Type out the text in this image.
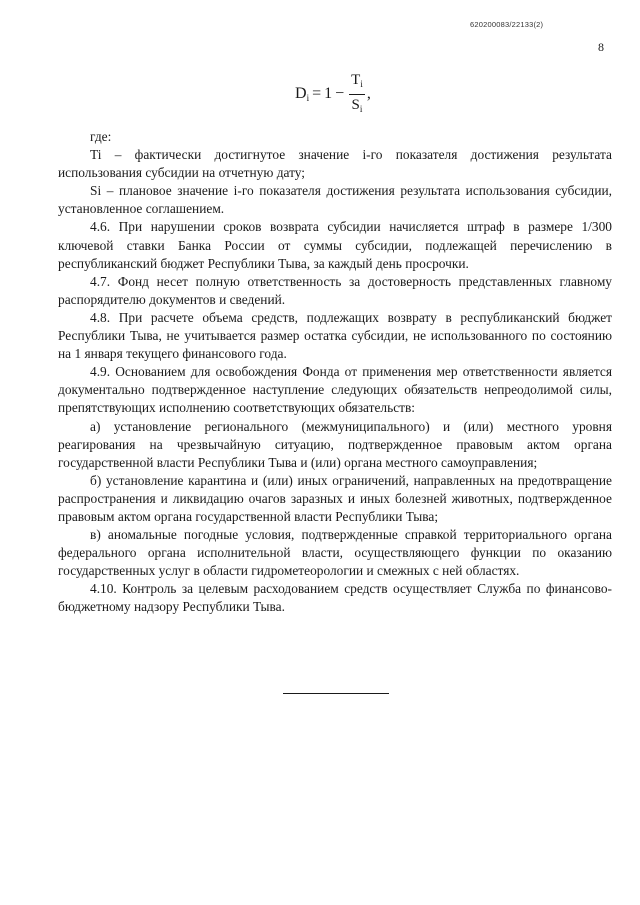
620200083/22133(2)
8
$D_i = 1 - \frac{T_i}{S_i}$ ,

где:

Ti – фактически достигнутое значение i-го показателя достижения результата использования субсидии на отчетную дату;

Si – плановое значение i-го показателя достижения результата использования субсидии, установленное соглашением.

4.6. При нарушении сроков возврата субсидии начисляется штраф в размере 1/300 ключевой ставки Банка России от суммы субсидии, подлежащей перечислению в республиканский бюджет Республики Тыва, за каждый день просрочки.

4.7. Фонд несет полную ответственность за достоверность представленных главному распорядителю документов и сведений.

4.8. При расчете объема средств, подлежащих возврату в республиканский бюджет Республики Тыва, не учитывается размер остатка субсидии, не использованного по состоянию на 1 января текущего финансового года.

4.9. Основанием для освобождения Фонда от применения мер ответственности является документально подтвержденное наступление следующих обязательств непреодолимой силы, препятствующих исполнению соответствующих обязательств:

а) установление регионального (межмуниципального) и (или) местного уровня реагирования на чрезвычайную ситуацию, подтвержденное правовым актом органа государственной власти Республики Тыва и (или) органа местного самоуправления;

б) установление карантина и (или) иных ограничений, направленных на предотвращение распространения и ликвидацию очагов заразных и иных болезней животных, подтвержденное правовым актом органа государственной власти Республики Тыва;

в) аномальные погодные условия, подтвержденные справкой территориального органа федерального органа исполнительной власти, осуществляющего функции по оказанию государственных услуг в области гидрометеорологии и смежных с ней областях.

4.10. Контроль за целевым расходованием средств осуществляет Служба по финансово-бюджетному надзору Республики Тыва.
